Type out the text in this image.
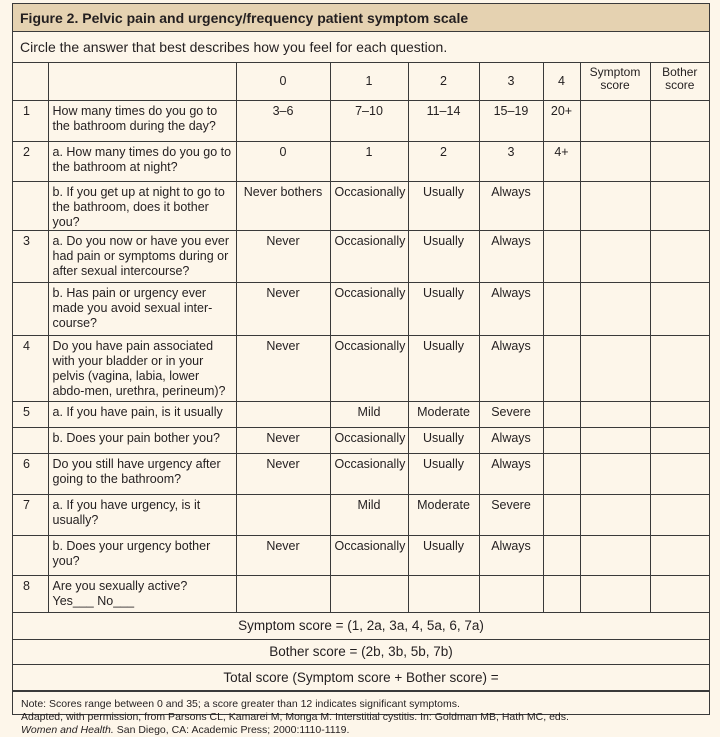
Figure 2. Pelvic pain and urgency/frequency patient symptom scale
Circle the answer that best describes how you feel for each question.
		0	1	2	3	4	Symptom score	Bother score
1	How many times do you go to the bathroom during the day?	3–6	7–10	11–14	15–19	20+		
2	a. How many times do you go to the bathroom at night?	0	1	2	3	4+		
	b. If you get up at night to go to the bathroom, does it bother you?	Never bothers	Occasionally	Usually	Always			
3	a. Do you now or have you ever had pain or symptoms during or after sexual intercourse?	Never	Occasionally	Usually	Always			
	b. Has pain or urgency ever made you avoid sexual inter-course?	Never	Occasionally	Usually	Always			
4	Do you have pain associated with your bladder or in your pelvis (vagina, labia, lower abdo-men, urethra, perineum)?	Never	Occasionally	Usually	Always			
5	a. If you have pain, is it usually		Mild	Moderate	Severe			
	b. Does your pain bother you?	Never	Occasionally	Usually	Always			
6	Do you still have urgency after going to the bathroom?	Never	Occasionally	Usually	Always			
7	a. If you have urgency, is it usually?		Mild	Moderate	Severe			
	b. Does your urgency bother you?	Never	Occasionally	Usually	Always			
8	Are you sexually active? Yes___ No___							
Symptom score = (1, 2a, 3a, 4, 5a, 6, 7a)
Bother score = (2b, 3b, 5b, 7b)
Total score (Symptom score + Bother score) =
Note: Scores range between 0 and 35; a score greater than 12 indicates significant symptoms.
Adapted, with permission, from Parsons CL, Kamarei M, Monga M. Interstitial cystitis. In: Goldman MB, Hath MC, eds.
Women and Health. San Diego, CA: Academic Press; 2000:1110-1119.
